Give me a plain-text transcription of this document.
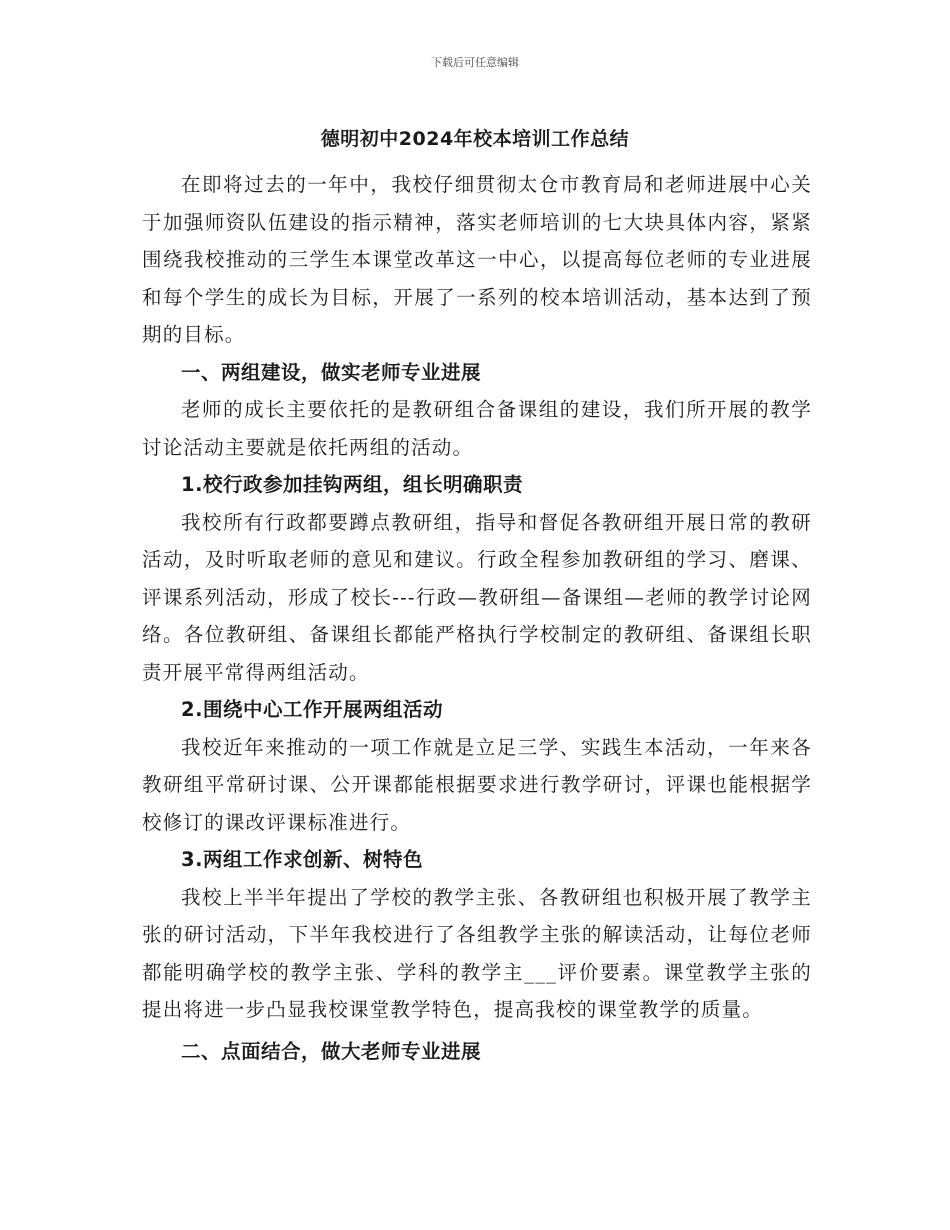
下载后可任意编辑
德明初中2024年校本培训工作总结

在即将过去的一年中，我校仔细贯彻太仓市教育局和老师进展中心关于加强师资队伍建设的指示精神，落实老师培训的七大块具体内容，紧紧围绕我校推动的三学生本课堂改革这一中心，以提高每位老师的专业进展和每个学生的成长为目标，开展了一系列的校本培训活动，基本达到了预期的目标。

一、两组建设，做实老师专业进展

老师的成长主要依托的是教研组合备课组的建设，我们所开展的教学讨论活动主要就是依托两组的活动。

1.校行政参加挂钩两组，组长明确职责

我校所有行政都要蹲点教研组，指导和督促各教研组开展日常的教研活动，及时听取老师的意见和建议。行政全程参加教研组的学习、磨课、评课系列活动，形成了校长---行政—教研组—备课组—老师的教学讨论网络。各位教研组、备课组长都能严格执行学校制定的教研组、备课组长职责开展平常得两组活动。

2.围绕中心工作开展两组活动

我校近年来推动的一项工作就是立足三学、实践生本活动，一年来各教研组平常研讨课、公开课都能根据要求进行教学研讨，评课也能根据学校修订的课改评课标准进行。

3.两组工作求创新、树特色

我校上半半年提出了学校的教学主张、各教研组也积极开展了教学主张的研讨活动，下半年我校进行了各组教学主张的解读活动，让每位老师都能明确学校的教学主张、学科的教学主___评价要素。课堂教学主张的提出将进一步凸显我校课堂教学特色，提高我校的课堂教学的质量。

二、点面结合，做大老师专业进展
